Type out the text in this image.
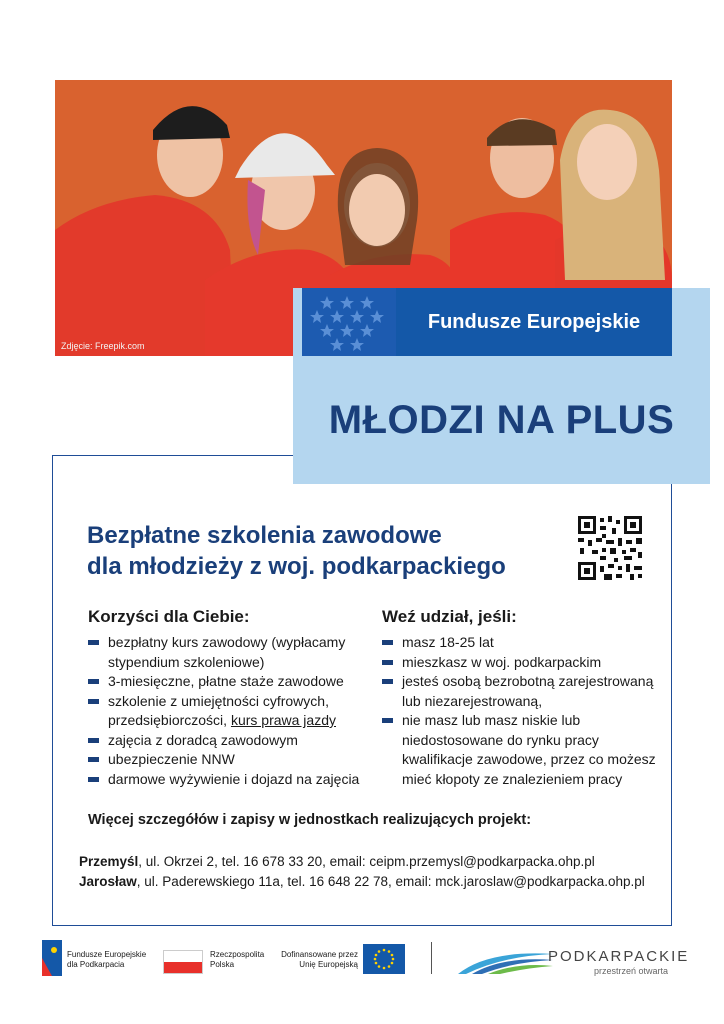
Zdjęcie: Freepik.com
Fundusze Europejskie
MŁODZI NA PLUS
Bezpłatne szkolenia zawodowe
dla młodzieży z woj. podkarpackiego
Korzyści dla Ciebie:
bezpłatny kurs zawodowy (wypłacamy stypendium szkoleniowe)
3-miesięczne, płatne staże zawodowe
szkolenie z umiejętności cyfrowych, przedsiębiorczości, kurs prawa jazdy
zajęcia z doradcą zawodowym
ubezpieczenie NNW
darmowe wyżywienie i dojazd na zajęcia
Weź udział, jeśli:
masz 18-25 lat
mieszkasz w woj. podkarpackim
jesteś osobą bezrobotną zarejestrowaną lub niezarejestrowaną,
nie masz lub masz niskie lub niedostosowane do rynku pracy kwalifikacje zawodowe, przez co możesz mieć kłopoty ze znalezieniem pracy
Więcej szczegółów i zapisy w jednostkach realizujących projekt:
Przemyśl, ul. Okrzei 2, tel. 16 678 33 20, email: ceipm.przemysl@podkarpacka.ohp.pl
Jarosław, ul. Paderewskiego 11a, tel. 16 648 22 78, email: mck.jaroslaw@podkarpacka.ohp.pl
Fundusze Europejskie
dla Podkarpacia
Rzeczpospolita
Polska
Dofinansowane przez
Unię Europejską	PODKARPACKIE
przestrzeń otwarta
